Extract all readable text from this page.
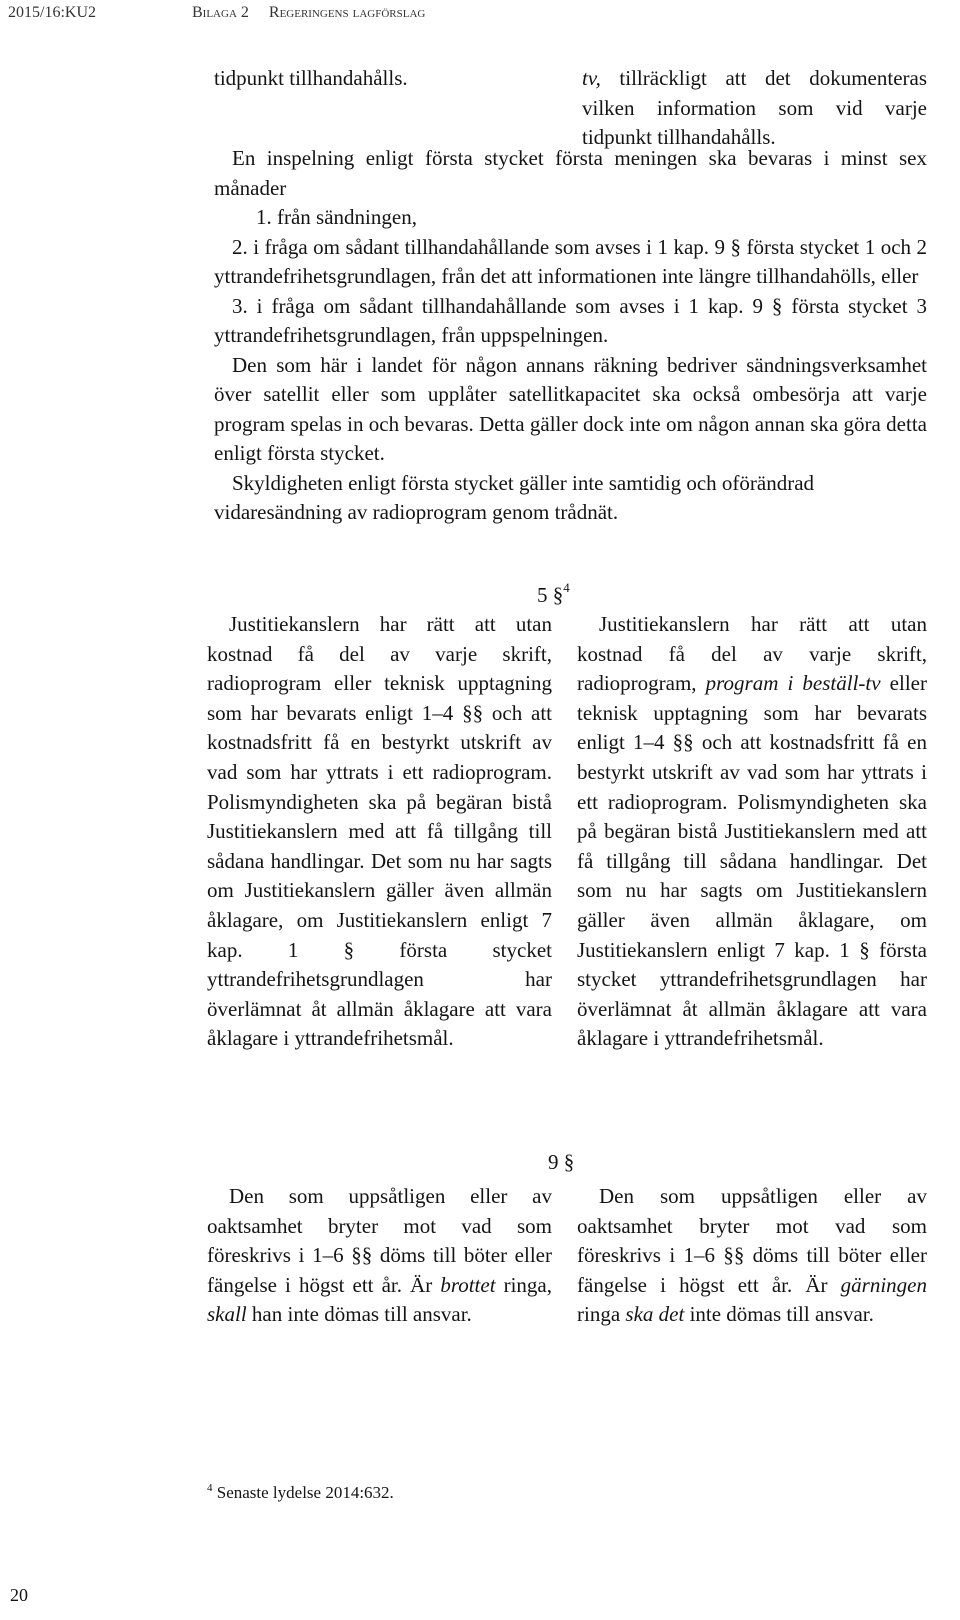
2015/16:KU2	Bilaga 2 Regeringens lagförslag
tidpunkt tillhandahålls.	tv, tillräckligt att det dokumenteras vilken information som vid varje tidpunkt tillhandahålls.

En inspelning enligt första stycket första meningen ska bevaras i minst sex månader

1. från sändningen,

2. i fråga om sådant tillhandahållande som avses i 1 kap. 9 § första stycket 1 och 2 yttrandefrihetsgrundlagen, från det att informationen inte längre tillhandahölls, eller

3. i fråga om sådant tillhandahållande som avses i 1 kap. 9 § första stycket 3 yttrandefrihetsgrundlagen, från uppspelningen.

Den som här i landet för någon annans räkning bedriver sändningsverksamhet över satellit eller som upplåter satellitkapacitet ska också ombesörja att varje program spelas in och bevaras. Detta gäller dock inte om någon annan ska göra detta enligt första stycket.

Skyldigheten enligt första stycket gäller inte samtidig och oförändrad vidaresändning av radioprogram genom trådnät.

5 §$^4$

Justitiekanslern har rätt att utan kostnad få del av varje skrift, radioprogram eller teknisk upptagning som har bevarats enligt 1–4 §§ och att kostnadsfritt få en bestyrkt utskrift av vad som har yttrats i ett radioprogram. Polismyndigheten ska på begäran bistå Justitiekanslern med att få tillgång till sådana handlingar. Det som nu har sagts om Justitiekanslern gäller även allmän åklagare, om Justitiekanslern enligt 7 kap. 1 § första stycket yttrandefrihetsgrundlagen har överlämnat åt allmän åklagare att vara åklagare i yttrandefrihetsmål.

Justitiekanslern har rätt att utan kostnad få del av varje skrift, radioprogram, program i beställ-tv eller teknisk upptagning som har bevarats enligt 1–4 §§ och att kostnadsfritt få en bestyrkt utskrift av vad som har yttrats i ett radioprogram. Polismyndigheten ska på begäran bistå Justitiekanslern med att få tillgång till sådana handlingar. Det som nu har sagts om Justitiekanslern gäller även allmän åklagare, om Justitiekanslern enligt 7 kap. 1 § första stycket yttrandefrihetsgrundlagen har överlämnat åt allmän åklagare att vara åklagare i yttrandefrihetsmål.

9 §

Den som uppsåtligen eller av oaktsamhet bryter mot vad som föreskrivs i 1–6 §§ döms till böter eller fängelse i högst ett år. Är brottet ringa, skall han inte dömas till ansvar.

Den som uppsåtligen eller av oaktsamhet bryter mot vad som föreskrivs i 1–6 §§ döms till böter eller fängelse i högst ett år. Är gärningen ringa ska det inte dömas till ansvar.

$^4$ Senaste lydelse 2014:632.
20
